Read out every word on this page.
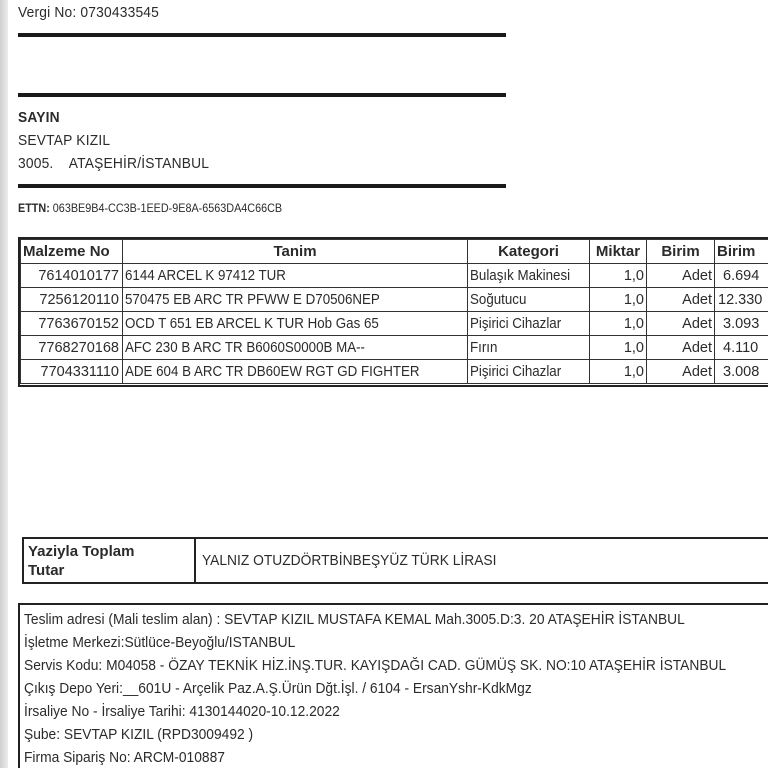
Vergi No: 0730433545
SAYIN
SEVTAP KIZIL
3005.    ATAŞEHİR/İSTANBUL
ETTN: 063BE9B4-CC3B-1EED-9E8A-6563DA4C66CB
Malzeme No	Tanim	Kategori	Miktar	Birim	Birim
7614010177	6144 ARCEL K 97412 TUR	Bulaşık Makinesi	1,0	Adet	6.694
7256120110	570475 EB ARC TR PFWW E D70506NEP	Soğutucu	1,0	Adet	12.330
7763670152	OCD T 651 EB ARCEL K TUR Hob Gas 65	Pişirici Cihazlar	1,0	Adet	3.093
7768270168	AFC 230 B ARC TR B6060S0000B MA--	Fırın	1,0	Adet	4.110
7704331110	ADE 604 B ARC TR DB60EW RGT GD FIGHTER	Pişirici Cihazlar	1,0	Adet	3.008
Yaziyla Toplam
Tutar
YALNIZ OTUZDÖRTBİNBEŞYÜZ TÜRK LİRASI
Teslim adresi (Mali teslim alan) : SEVTAP KIZIL MUSTAFA KEMAL Mah.3005.D:3. 20 ATAŞEHİR İSTANBUL
İşletme Merkezi:Sütlüce-Beyoğlu/ISTANBUL
Servis Kodu: M04058 - ÖZAY TEKNİK HİZ.İNŞ.TUR. KAYIŞDAĞI CAD. GÜMÜŞ SK. NO:10 ATAŞEHİR İSTANBUL
Çıkış Depo Yeri:__601U - Arçelik Paz.A.Ş.Ürün Dğt.İşl. / 6104 - ErsanYshr-KdkMgz
İrsaliye No - İrsaliye Tarihi: 4130144020-10.12.2022
Şube: SEVTAP KIZIL (RPD3009492 )
Firma Sipariş No: ARCM-010887
